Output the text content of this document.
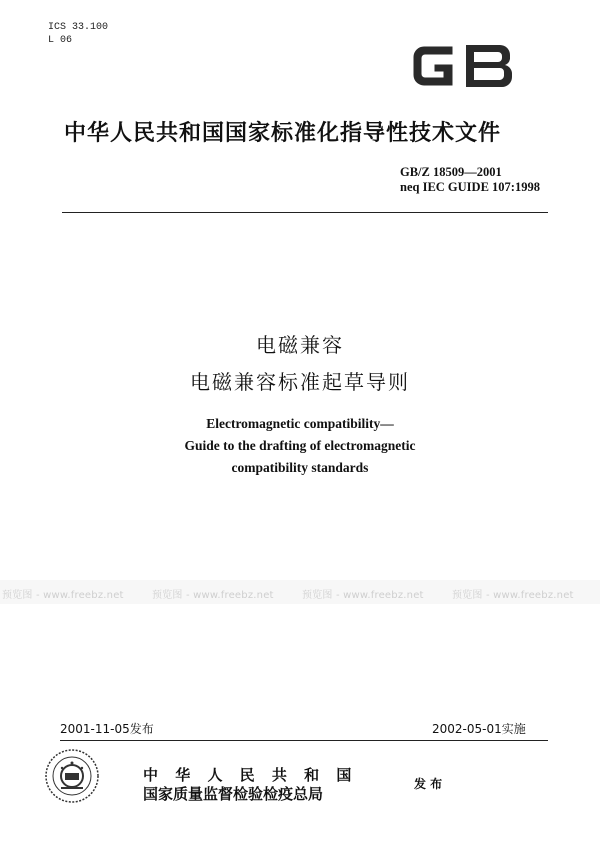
ICS 33.100
L 06
中华人民共和国国家标准化指导性技术文件
GB/Z 18509—2001
neq IEC GUIDE 107:1998
电磁兼容
电磁兼容标准起草导则
Electromagnetic compatibility—
Guide to the drafting of electromagnetic
compatibility standards
预览图 - www.freebz.net	预览图 - www.freebz.net	预览图 - www.freebz.net	预览图 - www.freebz.net
2001-11-05发布	2002-05-01实施
中 华 人 民 共 和 国
国家质量监督检验检疫总局
发 布
